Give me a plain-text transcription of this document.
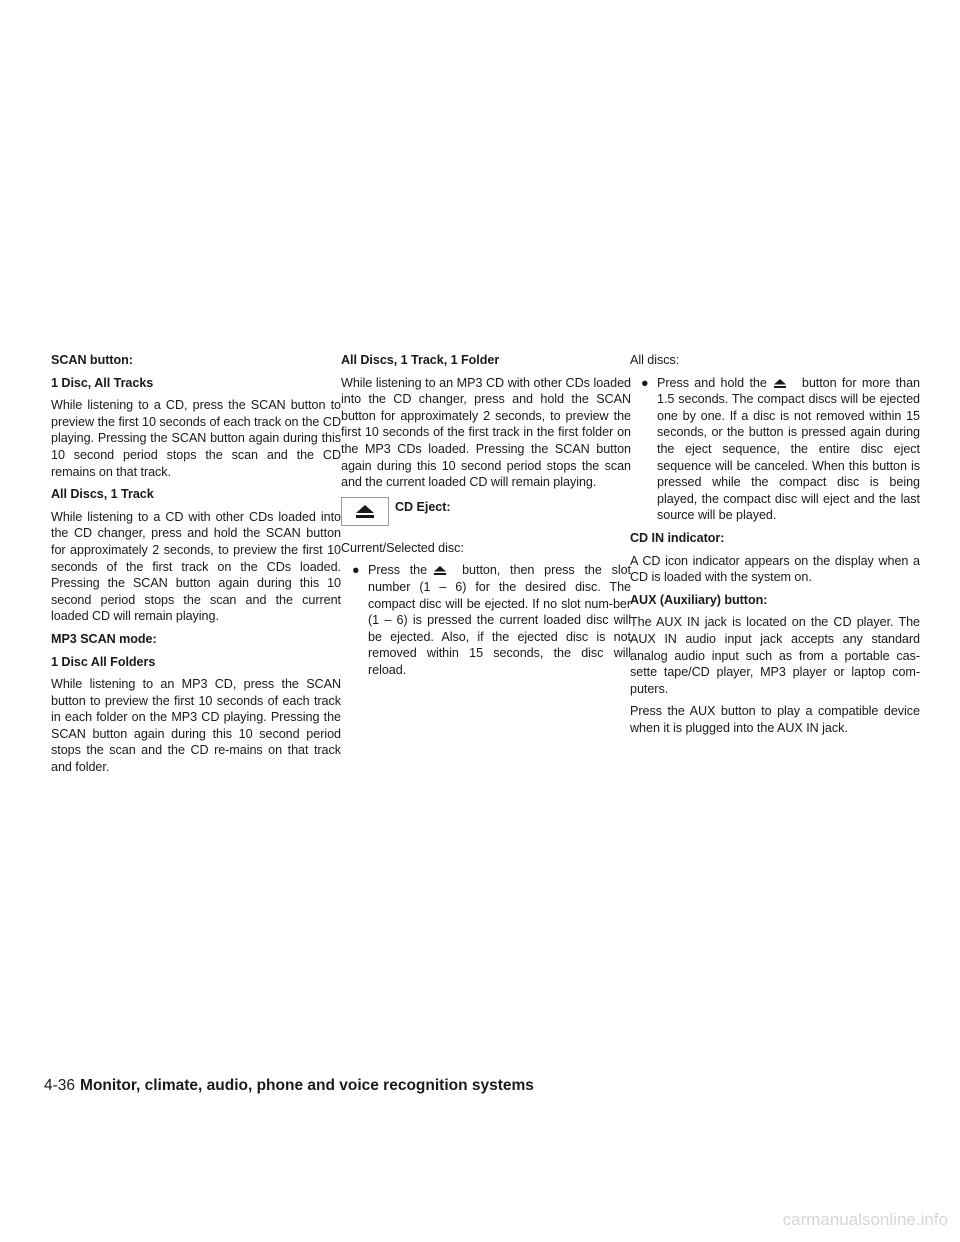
SCAN button:
1 Disc, All Tracks
While listening to a CD, press the SCAN button to preview the first 10 seconds of each track on the CD playing. Pressing the SCAN button again during this 10 second period stops the scan and the CD remains on that track.
All Discs, 1 Track
While listening to a CD with other CDs loaded into the CD changer, press and hold the SCAN button for approximately 2 seconds, to preview the first 10 seconds of the first track on the CDs loaded. Pressing the SCAN button again during this 10 second period stops the scan and the current loaded CD will remain playing.
MP3 SCAN mode:
1 Disc All Folders
While listening to an MP3 CD, press the SCAN button to preview the first 10 seconds of each track in each folder on the MP3 CD playing. Pressing the SCAN button again during this 10 second period stops the scan and the CD re-mains on that track and folder.
All Discs, 1 Track, 1 Folder
While listening to an MP3 CD with other CDs loaded into the CD changer, press and hold the SCAN button for approximately 2 seconds, to preview the first 10 seconds of the first track in the first folder on the MP3 CDs loaded. Pressing the SCAN button again during this 10 second period stops the scan and the current loaded CD will remain playing.
CD Eject:
Current/Selected disc:
● Press the	button, then press the slot number (1 – 6) for the desired disc. The compact disc will be ejected. If no slot num-ber (1 – 6) is pressed the current loaded disc will be ejected. Also, if the ejected disc is not removed within 15 seconds, the disc will reload.
All discs:
● Press and hold the	button for more than 1.5 seconds. The compact discs will be ejected one by one. If a disc is not removed within 15 seconds, or the button is pressed again during the eject sequence, the entire disc eject sequence will be canceled. When this button is pressed while the compact disc is being played, the compact disc will eject and the last source will be played.
CD IN indicator:
A CD icon indicator appears on the display when a CD is loaded with the system on.
AUX (Auxiliary) button:
The AUX IN jack is located on the CD player. The AUX IN audio input jack accepts any standard analog audio input such as from a portable cas-sette tape/CD player, MP3 player or laptop com-puters.
Press the AUX button to play a compatible device when it is plugged into the AUX IN jack.
4-36 Monitor, climate, audio, phone and voice recognition systems
carmanualsonline.info
